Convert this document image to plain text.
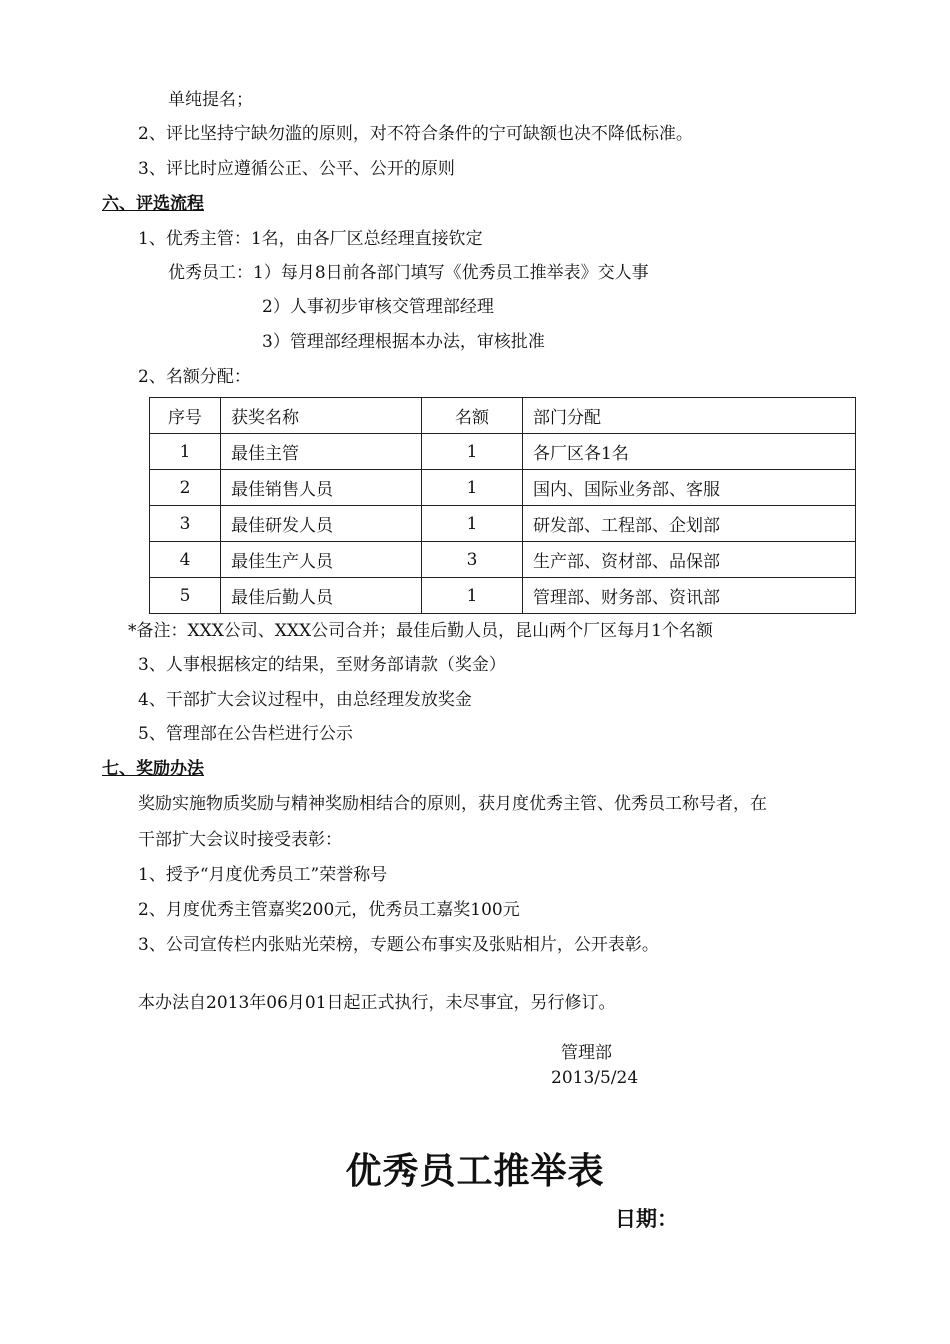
单纯提名；
2、评比坚持宁缺勿滥的原则，对不符合条件的宁可缺额也决不降低标准。
3、评比时应遵循公正、公平、公开的原则
六、评选流程
1、优秀主管：1名，由各厂区总经理直接钦定
优秀员工：1）每月8日前各部门填写《优秀员工推举表》交人事
2）人事初步审核交管理部经理
3）管理部经理根据本办法，审核批准
2、名额分配：
序号	获奖名称	名额	部门分配
1	最佳主管	1	各厂区各1名
2	最佳销售人员	1	国内、国际业务部、客服
3	最佳研发人员	1	研发部、工程部、企划部
4	最佳生产人员	3	生产部、资材部、品保部
5	最佳后勤人员	1	管理部、财务部、资讯部
*备注：XXX公司、XXX公司合并；最佳后勤人员，昆山两个厂区每月1个名额
3、人事根据核定的结果，至财务部请款（奖金）
4、干部扩大会议过程中，由总经理发放奖金
5、管理部在公告栏进行公示
七、奖励办法
奖励实施物质奖励与精神奖励相结合的原则，获月度优秀主管、优秀员工称号者，在
干部扩大会议时接受表彰：
1、授予“月度优秀员工”荣誉称号
2、月度优秀主管嘉奖200元，优秀员工嘉奖100元
3、公司宣传栏内张贴光荣榜，专题公布事实及张贴相片，公开表彰。
本办法自2013年06月01日起正式执行，未尽事宜，另行修订。
管理部
2013/5/24
优秀员工推举表
日期：
